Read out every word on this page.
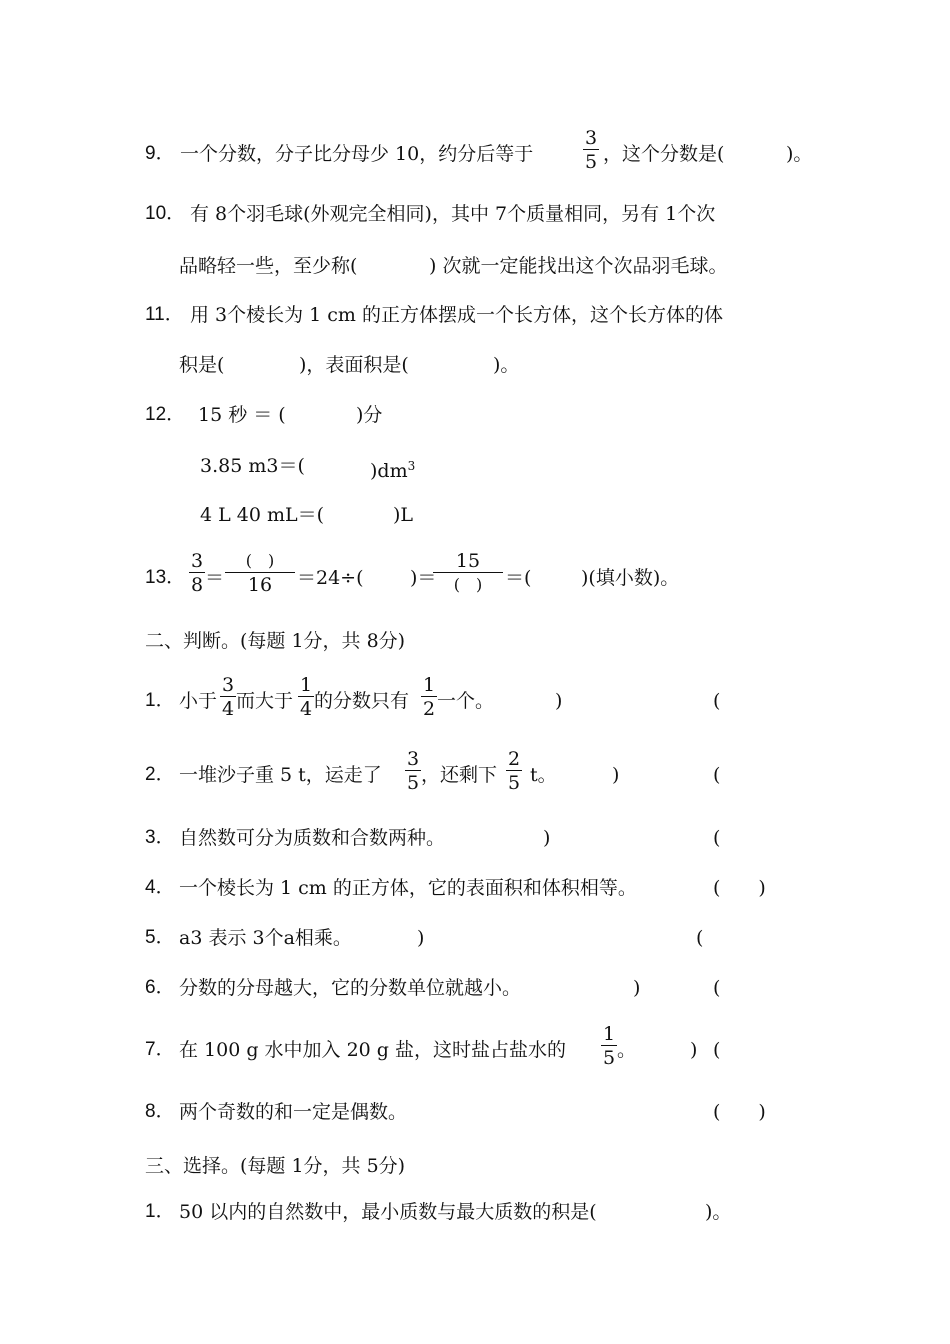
9． 一个分数，分子比分母少 10，约分后等于
3
5 ，这个分数是(	)。
10． 有 8个羽毛球(外观完全相同)，其中 7个质量相同，另有 1个次
品略轻一些，至少称(	) 次就一定能找出这个次品羽毛球。
11． 用 3个棱长为 1 cm 的正方体摆成一个长方体，这个长方体的体
积是(	)，表面积是(	)。
12． 15 秒 ＝ (	)分
3.85 m3＝(	)$dm^3$
4 L 40 mL＝(	)L
13．
3
8 ＝
(　)
16	＝24÷( )＝
15
(　)	＝(	)(填小数)。
二、判断。(每题 1分，共 8分)
1． 小于
3
4 而大于
1
4 的分数只有
1
2 一个。	)	(
2． 一堆沙子重 5 t，运走了
3
5 ，还剩下
2
5 t。	)	(
3． 自然数可分为质数和合数两种。	)	(
4． 一个棱长为 1 cm 的正方体，它的表面积和体积相等。	(　　)
5． a3 表示 3个a相乘。	)	(
6． 分数的分母越大，它的分数单位就越小。	)	(
7． 在 100 g 水中加入 20 g 盐，这时盐占盐水的
1
5 。	) (
8． 两个奇数的和一定是偶数。	(　　)
三、选择。(每题 1分，共 5分)
1． 50 以内的自然数中，最小质数与最大质数的积是(	)。
